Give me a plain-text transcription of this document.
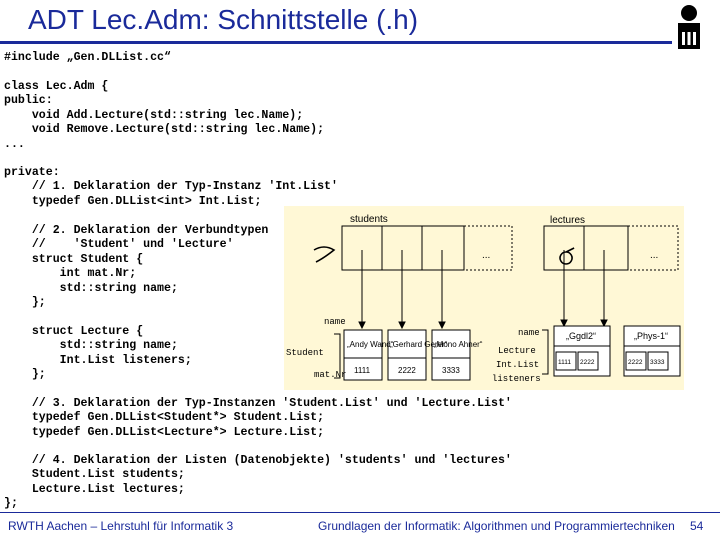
ADT Lec.Adm: Schnittstelle (.h)
#include „Gen.DLList.cc“
class Lec.Adm {
public:
void Add.Lecture(std::string lec.Name);
void Remove.Lecture(std::string lec.Name);
...
private:
// 1. Deklaration der Typ-Instanz 'Int.List'
typedef Gen.DLList<int> Int.List;
// 2. Deklaration der Verbundtypen
//    'Student' und 'Lecture'
struct Student {
int mat.Nr;
std::string name;
};
struct Lecture {
std::string name;
Int.List listeners;
};
// 3. Deklaration der Typ-Instanzen 'Student.List' und 'Lecture.List'
typedef Gen.DLList<Student*> Student.List;
typedef Gen.DLList<Lecture*> Lecture.List;
// 4. Deklaration der Listen (Datenobjekte) 'students' und 'lectures'
Student.List students;
Lecture.List lectures;
};
students	lectures
...	...
„Andy Wand“
„Gerhard Gerer“
„Mono Ahner“
1111	2222	3333
name
Student
mat.Nr
„Ggdl2“	„Phys-1“
1111 2222	2222 3333
name
Lecture
Int.List
listeners
RWTH Aachen – Lehrstuhl für Informatik 3	Grundlagen der Informatik: Algorithmen und Programmiertechniken 54
